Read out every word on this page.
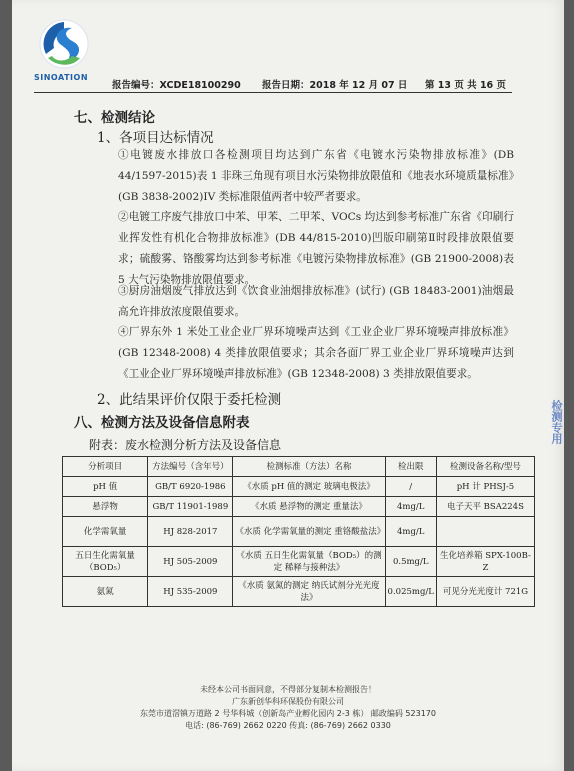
SINOATION
报告编号：XCDE18100290 报告日期：2018 年 12 月 07 日 第 13 页 共 16 页
七、检测结论
1、各项目达标情况
①电镀废水排放口各检测项目均达到广东省《电镀水污染物排放标准》(DB 44/1597-2015)表 1 非珠三角现有项目水污染物排放限值和《地表水环境质量标准》(GB 3838-2002)IV 类标准限值两者中较严者要求。
②电镀工序废气排放口中苯、甲苯、二甲苯、VOCs 均达到参考标准广东省《印刷行业挥发性有机化合物排放标准》(DB 44/815-2010)凹版印刷第Ⅱ时段排放限值要求；硫酸雾、铬酸雾均达到参考标准《电镀污染物排放标准》(GB 21900-2008)表 5 大气污染物排放限值要求。
③厨房油烟废气排放达到《饮食业油烟排放标准》(试行) (GB 18483-2001)油烟最高允许排放浓度限值要求。
④厂界东外 1 米处工业企业厂界环境噪声达到《工业企业厂界环境噪声排放标准》(GB 12348-2008) 4 类排放限值要求；其余各面厂界工业企业厂界环境噪声达到《工业企业厂界环境噪声排放标准》(GB 12348-2008) 3 类排放限值要求。
2、此结果评价仅限于委托检测
八、检测方法及设备信息附表
附表：废水检测分析方法及设备信息
分析项目	方法编号（含年号）	检测标准（方法）名称	检出限	检测设备名称/型号
pH 值	GB/T 6920-1986	《水质 pH 值的测定 玻璃电极法》	/	pH 计 PHSJ-5
悬浮物	GB/T 11901-1989	《水质 悬浮物的测定 重量法》	4mg/L	电子天平 BSA224S
化学需氧量	HJ 828-2017	《水质 化学需氧量的测定 重铬酸盐法》	4mg/L	
五日生化需氧量（BOD₅）	HJ 505-2009	《水质 五日生化需氧量（BOD₅）的测定 稀释与接种法》	0.5mg/L	生化培养箱 SPX-100B-Z
氨氮	HJ 535-2009	《水质 氨氮的测定 纳氏试剂分光光度法》	0.025mg/L	可见分光光度计 721G
未经本公司书面同意，不得部分复制本检测报告！
广东新创华科环保股份有限公司
东莞市道滘镇万道路 2 号华科城（创新岛产业孵化园内 2-3 栋） 邮政编码 523170
电话: (86-769) 2662 0220 传真: (86-769) 2662 0330
检测专用
